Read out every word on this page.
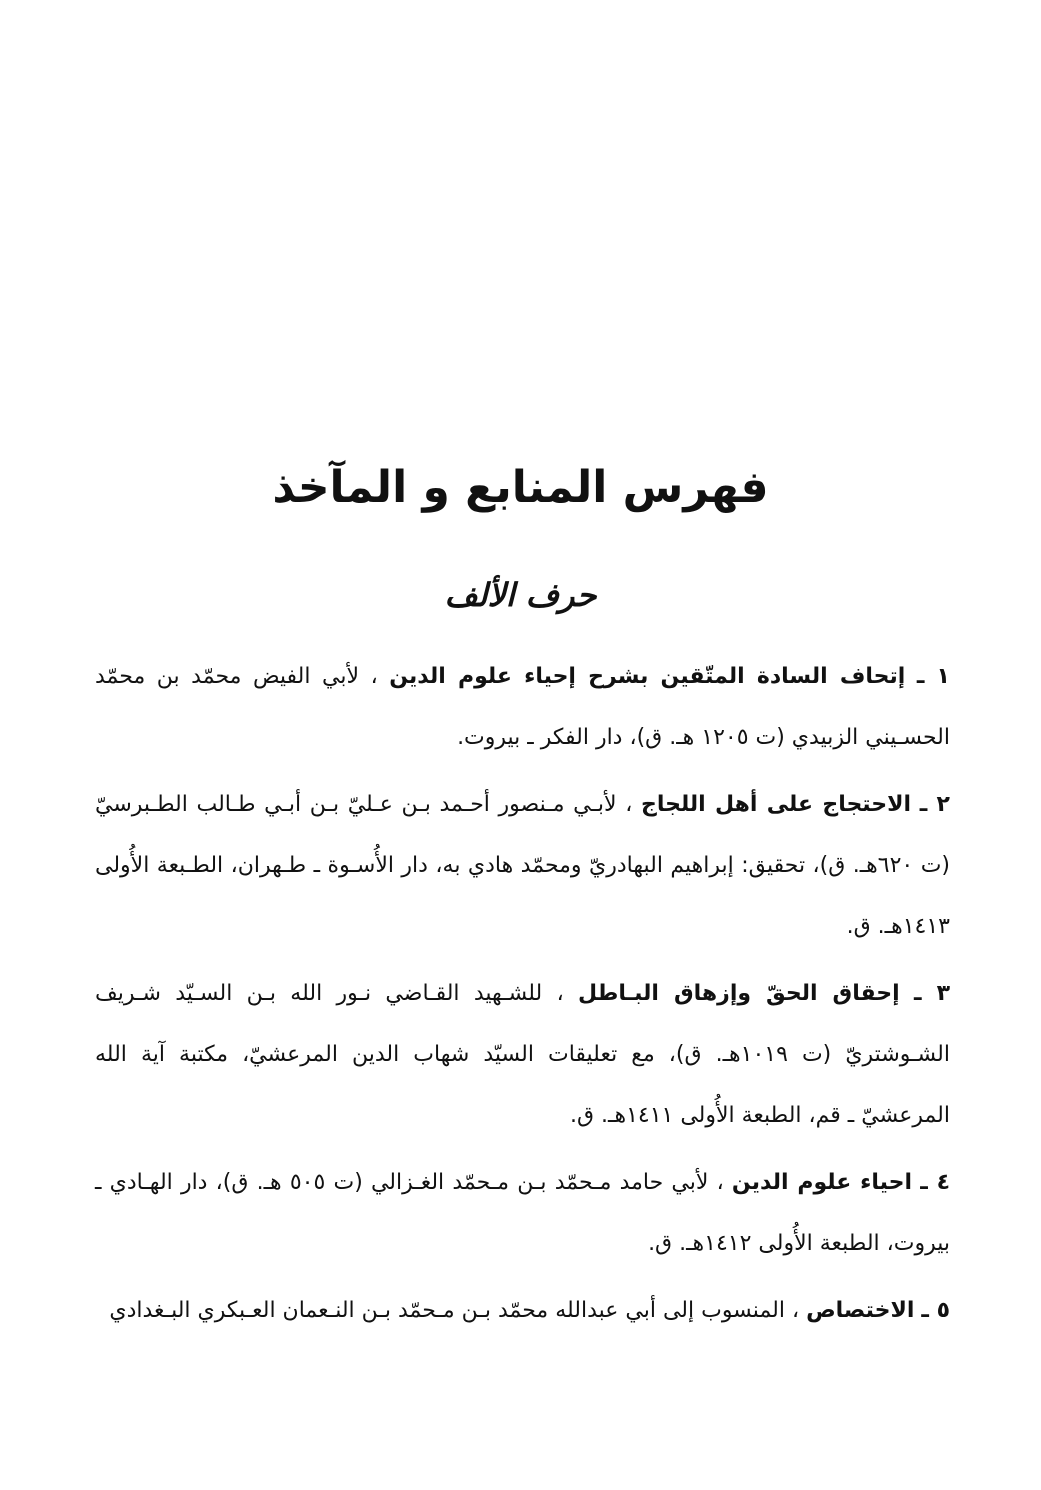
فهرس المنابع و المآخذ
حرف الألف

١ ـ إتحاف السادة المتّقين بشرح إحياء علوم الدين ، لأبي الفيض محمّد بن محمّد الحسـيني الزبيدي (ت ١٢٠٥ هـ. ق)، دار الفكر ـ بيروت.

٢ ـ الاحتجاج على أهل اللجاج ، لأبـي مـنصور أحـمد بـن عـليّ بـن أبـي طـالب الطـبرسيّ (ت ٦٢٠هـ. ق)، تحقيق: إبراهيم البهادريّ ومحمّد هادي به، دار الأُسـوة ـ طـهران، الطـبعة الأُولى ١٤١٣هـ. ق.

٣ ـ إحقاق الحقّ وإزهاق البـاطل ، للشـهيد القـاضي نـور الله بـن السـيّد شـريف الشـوشتريّ (ت ١٠١٩هـ. ق)، مع تعليقات السيّد شهاب الدين المرعشيّ، مكتبة آية الله المرعشيّ ـ قم، الطبعة الأُولى ١٤١١هـ. ق.

٤ ـ احياء علوم الدين ، لأبي حامد مـحمّد بـن مـحمّد الغـزالي (ت ٥٠٥ هـ. ق)، دار الهـادي ـ بيروت، الطبعة الأُولى ١٤١٢هـ. ق.

٥ ـ الاختصاص ، المنسوب إلى أبي عبدالله محمّد بـن مـحمّد بـن النـعمان العـبكري البـغدادي
